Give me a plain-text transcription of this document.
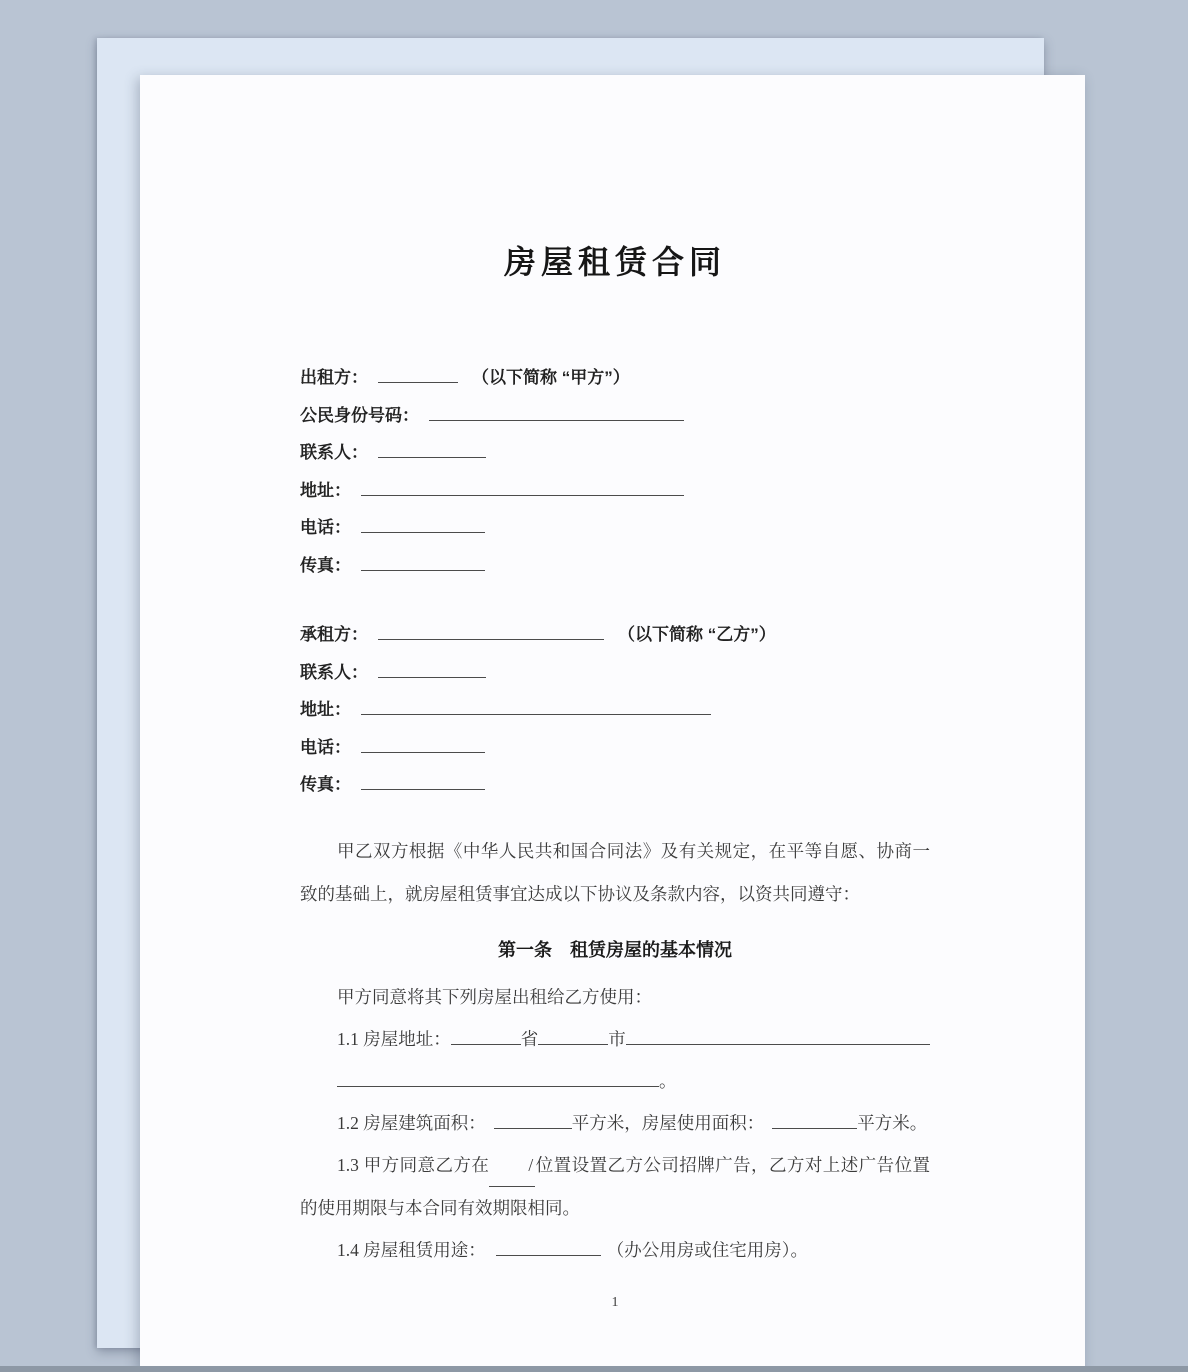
房屋租赁合同
出租方：	（以下简称 “甲方”）
公民身份号码：
联系人：
地址：
电话：
传真：
承租方：	（以下简称 “乙方”）
联系人：
地址：
电话：
传真：

甲乙双方根据《中华人民共和国合同法》及有关规定，在平等自愿、协商一致的基础上，就房屋租赁事宜达成以下协议及条款内容，以资共同遵守：

第一条　租赁房屋的基本情况

甲方同意将其下列房屋出租给乙方使用：

1.1 房屋地址：	省	市
。

1.2 房屋建筑面积：	平方米，房屋使用面积：	平方米。

1.3 甲方同意乙方在 / 位置设置乙方公司招牌广告，乙方对上述广告位置的使用期限与本合同有效期限相同。

1.4 房屋租赁用途：	（办公用房或住宅用房）。

1
